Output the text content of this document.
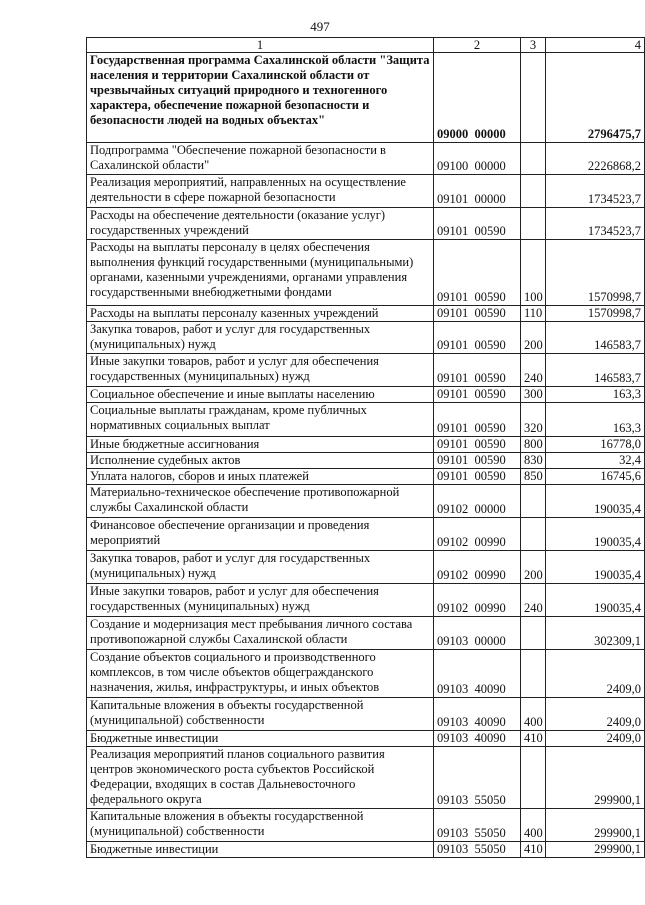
497
1	2	3	4
Государственная программа Сахалинской области "Защита населения и территории Сахалинской области от чрезвычайных ситуаций природного и техногенного характера, обеспечение пожарной безопасности и безопасности людей на водных объектах"	09000  00000		2796475,7
Подпрограмма "Обеспечение пожарной безопасности в Сахалинской области"	09100  00000		2226868,2
Реализация мероприятий, направленных на осуществление деятельности в сфере пожарной безопасности	09101  00000		1734523,7
Расходы на обеспечение деятельности (оказание услуг) государственных учреждений	09101  00590		1734523,7
Расходы на выплаты персоналу в целях обеспечения выполнения функций государственными (муниципальными) органами, казенными учреждениями, органами управления государственными внебюджетными фондами	09101  00590	100	1570998,7
Расходы на выплаты персоналу казенных учреждений	09101  00590	110	1570998,7
Закупка товаров, работ и услуг для государственных (муниципальных) нужд	09101  00590	200	146583,7
Иные закупки товаров, работ и услуг для обеспечения государственных (муниципальных) нужд	09101  00590	240	146583,7
Социальное обеспечение и иные выплаты населению	09101  00590	300	163,3
Социальные выплаты гражданам, кроме публичных нормативных социальных выплат	09101  00590	320	163,3
Иные бюджетные ассигнования	09101  00590	800	16778,0
Исполнение судебных актов	09101  00590	830	32,4
Уплата налогов, сборов и иных платежей	09101  00590	850	16745,6
Материально-техническое обеспечение противопожарной службы Сахалинской области	09102  00000		190035,4
Финансовое обеспечение организации и проведения мероприятий	09102  00990		190035,4
Закупка товаров, работ и услуг для государственных (муниципальных) нужд	09102  00990	200	190035,4
Иные закупки товаров, работ и услуг для обеспечения государственных (муниципальных) нужд	09102  00990	240	190035,4
Создание и модернизация мест пребывания личного состава противопожарной службы Сахалинской области	09103  00000		302309,1
Создание объектов социального и производственного комплексов, в том числе объектов общегражданского назначения, жилья, инфраструктуры, и иных объектов	09103  40090		2409,0
Капитальные вложения в объекты государственной (муниципальной) собственности	09103  40090	400	2409,0
Бюджетные инвестиции	09103  40090	410	2409,0
Реализация мероприятий планов социального развития центров экономического роста субъектов Российской Федерации, входящих в состав Дальневосточного федерального округа	09103  55050		299900,1
Капитальные вложения в объекты государственной (муниципальной) собственности	09103  55050	400	299900,1
Бюджетные инвестиции	09103  55050	410	299900,1
